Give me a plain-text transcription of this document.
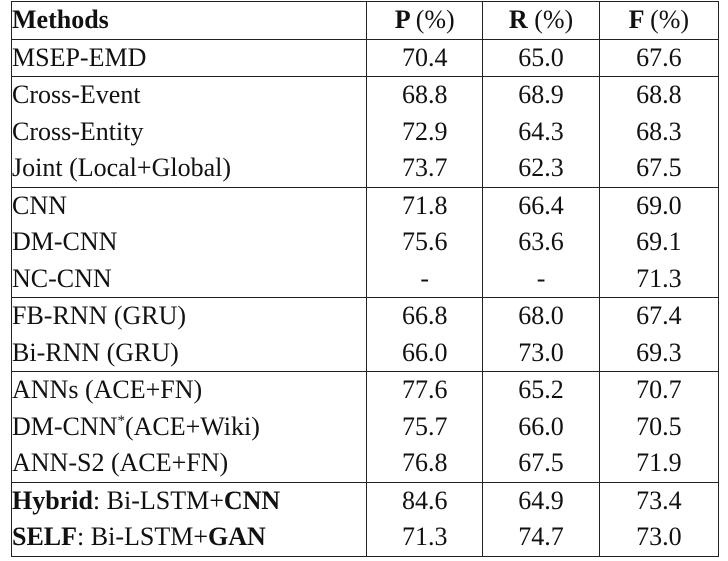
Methods	P (%)	R (%)	F (%)
MSEP-EMD	70.4	65.0	67.6
Cross-Event	68.8	68.9	68.8
Cross-Entity	72.9	64.3	68.3
Joint (Local+Global)	73.7	62.3	67.5
CNN	71.8	66.4	69.0
DM-CNN	75.6	63.6	69.1
NC-CNN	-	-	71.3
FB-RNN (GRU)	66.8	68.0	67.4
Bi-RNN (GRU)	66.0	73.0	69.3
ANNs (ACE+FN)	77.6	65.2	70.7
DM-CNN*(ACE+Wiki)	75.7	66.0	70.5
ANN-S2 (ACE+FN)	76.8	67.5	71.9
Hybrid: Bi-LSTM+CNN	84.6	64.9	73.4
SELF: Bi-LSTM+GAN	71.3	74.7	73.0
